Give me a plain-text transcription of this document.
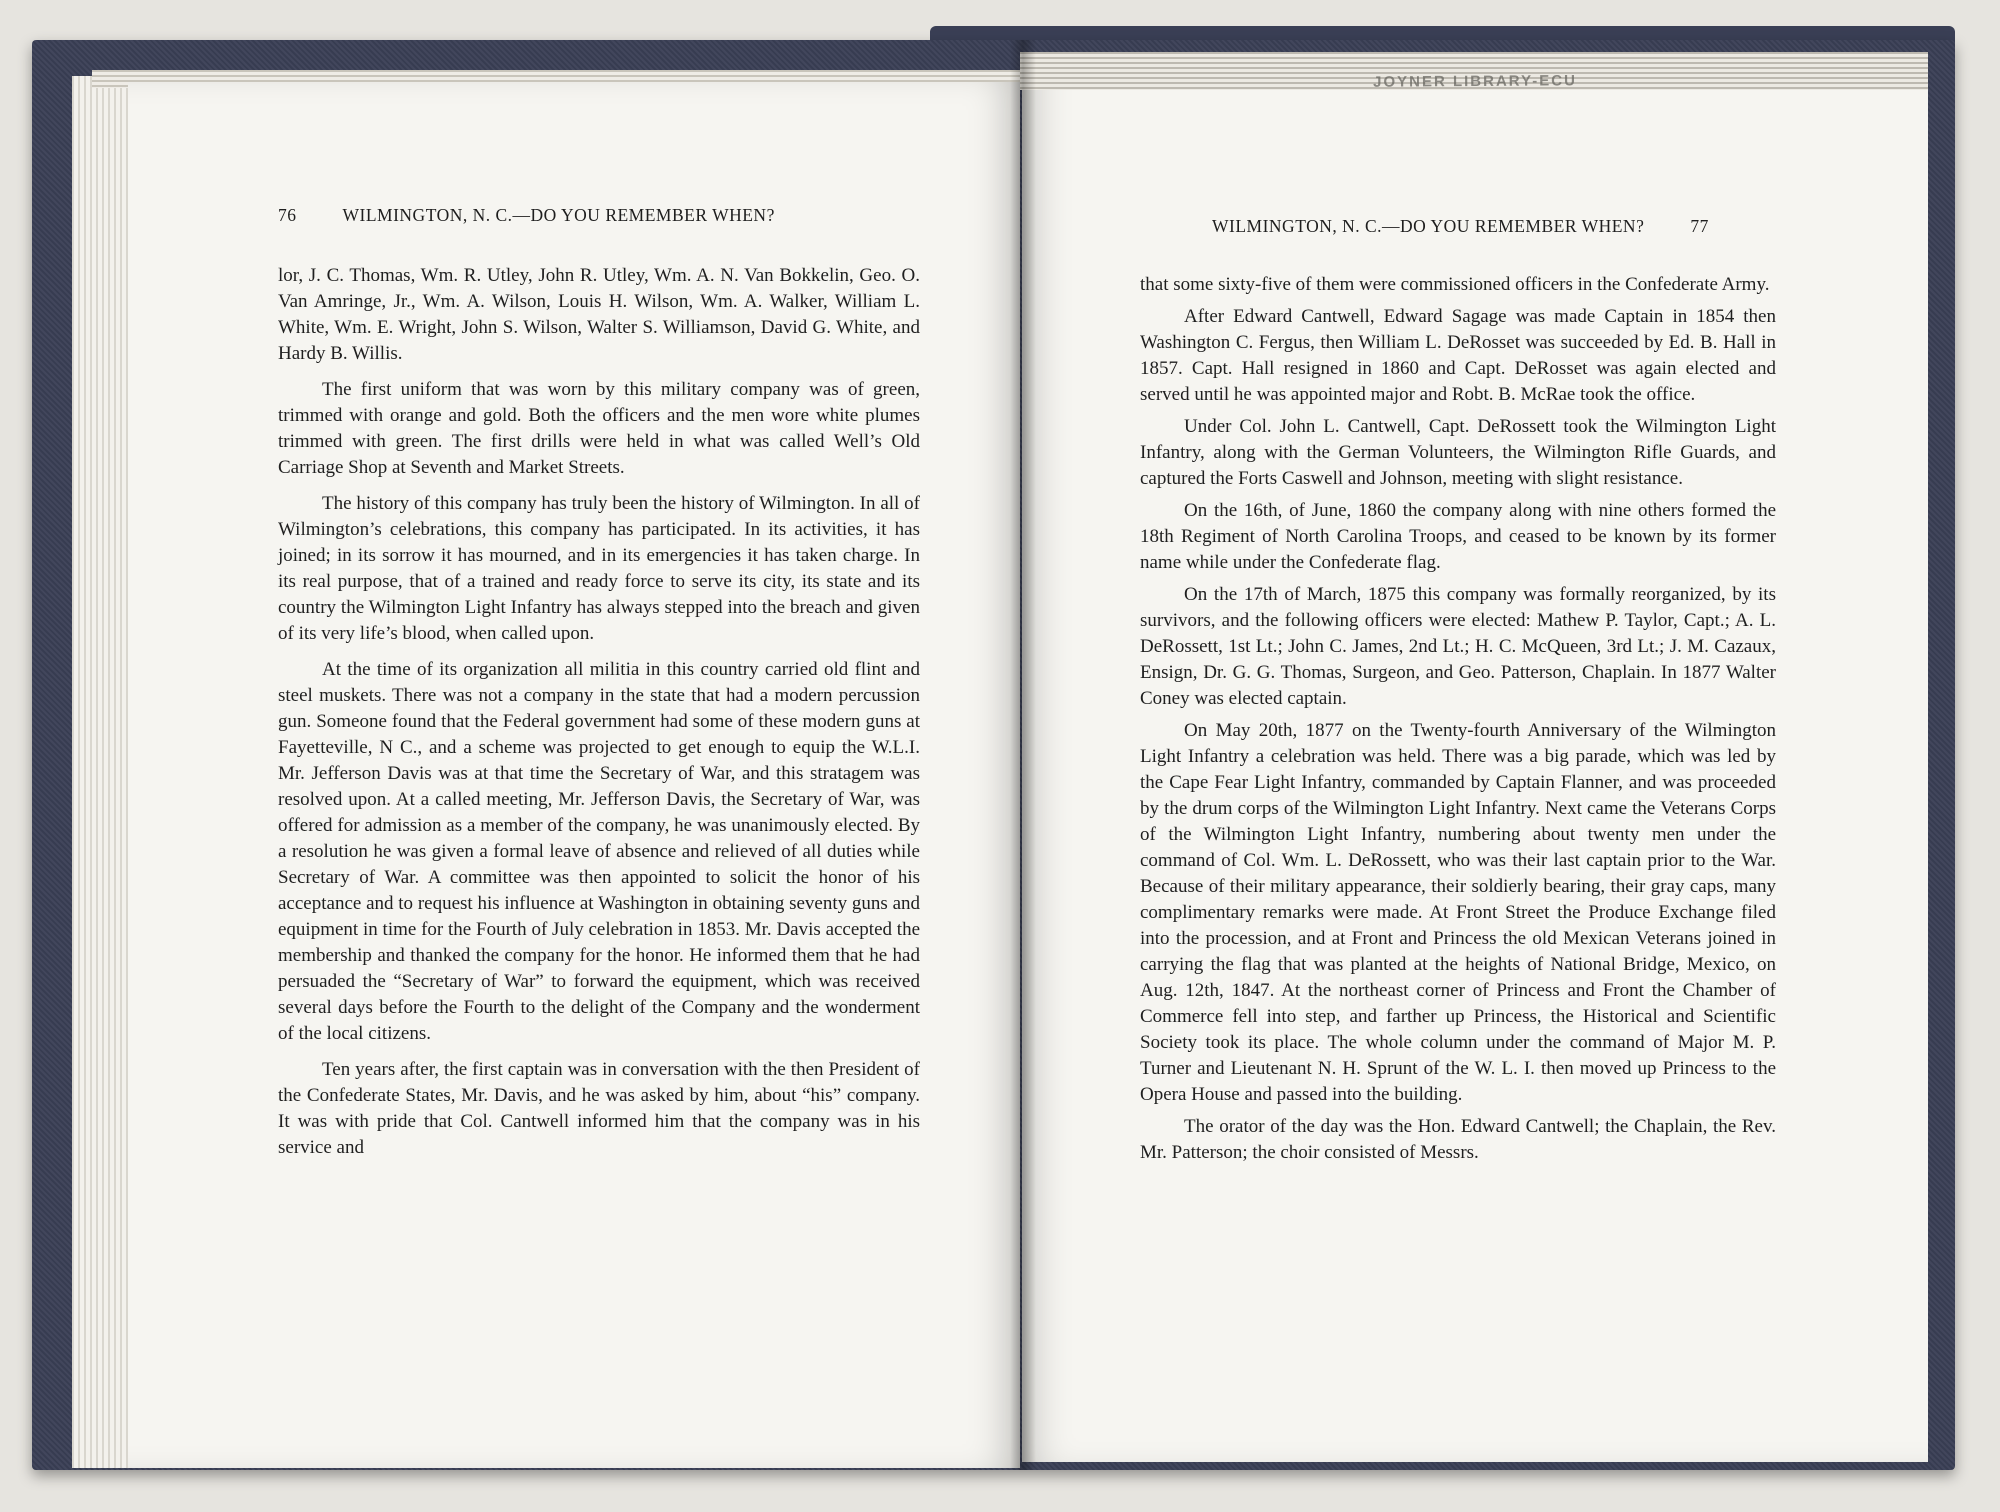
JOYNER LIBRARY-ECU
76	WILMINGTON, N. C.—DO YOU REMEMBER WHEN?
WILMINGTON, N. C.—DO YOU REMEMBER WHEN?	77

lor, J. C. Thomas, Wm. R. Utley, John R. Utley, Wm. A. N. Van Bokkelin, Geo. O. Van Amringe, Jr., Wm. A. Wilson, Louis H. Wilson, Wm. A. Walker, William L. White, Wm. E. Wright, John S. Wilson, Walter S. Williamson, David G. White, and Hardy B. Willis.

The first uniform that was worn by this military company was of green, trimmed with orange and gold. Both the officers and the men wore white plumes trimmed with green. The first drills were held in what was called Well’s Old Carriage Shop at Seventh and Market Streets.

The history of this company has truly been the history of Wilmington. In all of Wilmington’s celebrations, this company has participated. In its activities, it has joined; in its sorrow it has mourned, and in its emergencies it has taken charge. In its real purpose, that of a trained and ready force to serve its city, its state and its country the Wilmington Light Infantry has always stepped into the breach and given of its very life’s blood, when called upon.

At the time of its organization all militia in this country carried old flint and steel muskets. There was not a company in the state that had a modern percussion gun. Someone found that the Federal government had some of these modern guns at Fayetteville, N C., and a scheme was projected to get enough to equip the W.L.I. Mr. Jefferson Davis was at that time the Secretary of War, and this stratagem was resolved upon. At a called meeting, Mr. Jefferson Davis, the Secretary of War, was offered for admission as a member of the company, he was unanimously elected. By a resolution he was given a formal leave of absence and relieved of all duties while Secretary of War. A committee was then appointed to solicit the honor of his acceptance and to request his influence at Washington in obtaining seventy guns and equipment in time for the Fourth of July celebration in 1853. Mr. Davis accepted the membership and thanked the company for the honor. He informed them that he had persuaded the “Secretary of War” to forward the equipment, which was received several days before the Fourth to the delight of the Company and the wonderment of the local citizens.

Ten years after, the first captain was in conversation with the then President of the Confederate States, Mr. Davis, and he was asked by him, about “his” company. It was with pride that Col. Cantwell informed him that the company was in his service and

that some sixty-five of them were commissioned officers in the Confederate Army.

After Edward Cantwell, Edward Sagage was made Captain in 1854 then Washington C. Fergus, then William L. DeRosset was succeeded by Ed. B. Hall in 1857. Capt. Hall resigned in 1860 and Capt. DeRosset was again elected and served until he was appointed major and Robt. B. McRae took the office.

Under Col. John L. Cantwell, Capt. DeRossett took the Wilmington Light Infantry, along with the German Volunteers, the Wilmington Rifle Guards, and captured the Forts Caswell and Johnson, meeting with slight resistance.

On the 16th, of June, 1860 the company along with nine others formed the 18th Regiment of North Carolina Troops, and ceased to be known by its former name while under the Confederate flag.

On the 17th of March, 1875 this company was formally reorganized, by its survivors, and the following officers were elected: Mathew P. Taylor, Capt.; A. L. DeRossett, 1st Lt.; John C. James, 2nd Lt.; H. C. McQueen, 3rd Lt.; J. M. Cazaux, Ensign, Dr. G. G. Thomas, Surgeon, and Geo. Patterson, Chaplain. In 1877 Walter Coney was elected captain.

On May 20th, 1877 on the Twenty-fourth Anniversary of the Wilmington Light Infantry a celebration was held. There was a big parade, which was led by the Cape Fear Light Infantry, commanded by Captain Flanner, and was proceeded by the drum corps of the Wilmington Light Infantry. Next came the Veterans Corps of the Wilmington Light Infantry, numbering about twenty men under the command of Col. Wm. L. DeRossett, who was their last captain prior to the War. Because of their military appearance, their soldierly bearing, their gray caps, many complimentary remarks were made. At Front Street the Produce Exchange filed into the procession, and at Front and Princess the old Mexican Veterans joined in carrying the flag that was planted at the heights of National Bridge, Mexico, on Aug. 12th, 1847. At the northeast corner of Princess and Front the Chamber of Commerce fell into step, and farther up Princess, the Historical and Scientific Society took its place. The whole column under the command of Major M. P. Turner and Lieutenant N. H. Sprunt of the W. L. I. then moved up Princess to the Opera House and passed into the building.

The orator of the day was the Hon. Edward Cantwell; the Chaplain, the Rev. Mr. Patterson; the choir consisted of Messrs.
